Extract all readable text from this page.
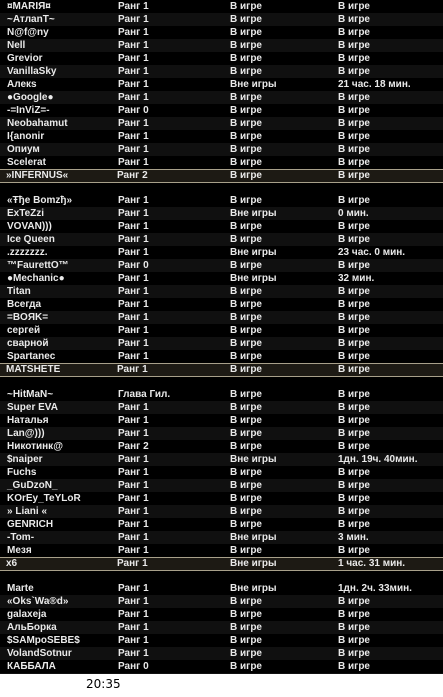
¤MARIЯ¤	Ранг 1	В игре	В игре
~АтлanТ~	Ранг 1	В игре	В игре
N@f@ny	Ранг 1	В игре	В игре
Nell	Ранг 1	В игре	В игре
Grevior	Ранг 1	В игре	В игре
VanillaSky	Ранг 1	В игре	В игре
Алекs	Ранг 1	Вне игры	21 час. 18 мин.
●Google●	Ранг 1	В игре	В игре
-=InViZ=-	Ранг 0	В игре	В игре
Neobahamut	Ранг 1	В игре	В игре
I{anonir	Ранг 1	В игре	В игре
Опиум	Ранг 1	В игре	В игре
Scelerat	Ранг 1	В игре	В игре
»INFERNUS«	Ранг 2	В игре	В игре
«Ŧђe Bomzђ»	Ранг 1	В игре	В игре
ExTeZzi	Ранг 1	Вне игры	0 мин.
VOVAN)))	Ранг 1	В игре	В игре
Ice Queen	Ранг 1	В игре	В игре
.zzzzzzz.	Ранг 1	Вне игры	23 час. 0 мин.
™FaurettO™	Ранг 0	В игре	В игре
●Mechanic●	Ранг 1	Вне игры	32 мин.
Titan	Ранг 1	В игре	В игре
Всегда	Ранг 1	В игре	В игре
=BOЯK=	Ранг 1	В игре	В игре
сергей	Ранг 1	В игре	В игре
сварной	Ранг 1	В игре	В игре
Spartanec	Ранг 1	В игре	В игре
MATSHETE	Ранг 1	В игре	В игре
~HitMaN~	Глава Гил.	В игре	В игре
Super EVA	Ранг 1	В игре	В игре
Наталья	Ранг 1	В игре	В игре
Lan@)))	Ранг 1	В игре	В игре
Никотинк@	Ранг 2	В игре	В игре
$naiper	Ранг 1	Вне игры	1дн. 19ч. 40мин.
Fuchs	Ранг 1	В игре	В игре
_GuDzoN_	Ранг 1	В игре	В игре
KOrEy_TeYLoR	Ранг 1	В игре	В игре
» Liani «	Ранг 1	В игре	В игре
GENRICH	Ранг 1	В игре	В игре
-Tom-	Ранг 1	Вне игры	3 мин.
Мезя	Ранг 1	В игре	В игре
x6	Ранг 1	Вне игры	1 час. 31 мин.
Marte	Ранг 1	Вне игры	1дн. 2ч. 33мин.
«Oks`Wa®d»	Ранг 1	В игре	В игре
galaxeja	Ранг 1	В игре	В игре
АльБорка	Ранг 1	В игре	В игре
$SAMpoSEBE$	Ранг 1	В игре	В игре
VolandSotnur	Ранг 1	В игре	В игре
КАББАЛА	Ранг 0	В игре	В игре
20:35
